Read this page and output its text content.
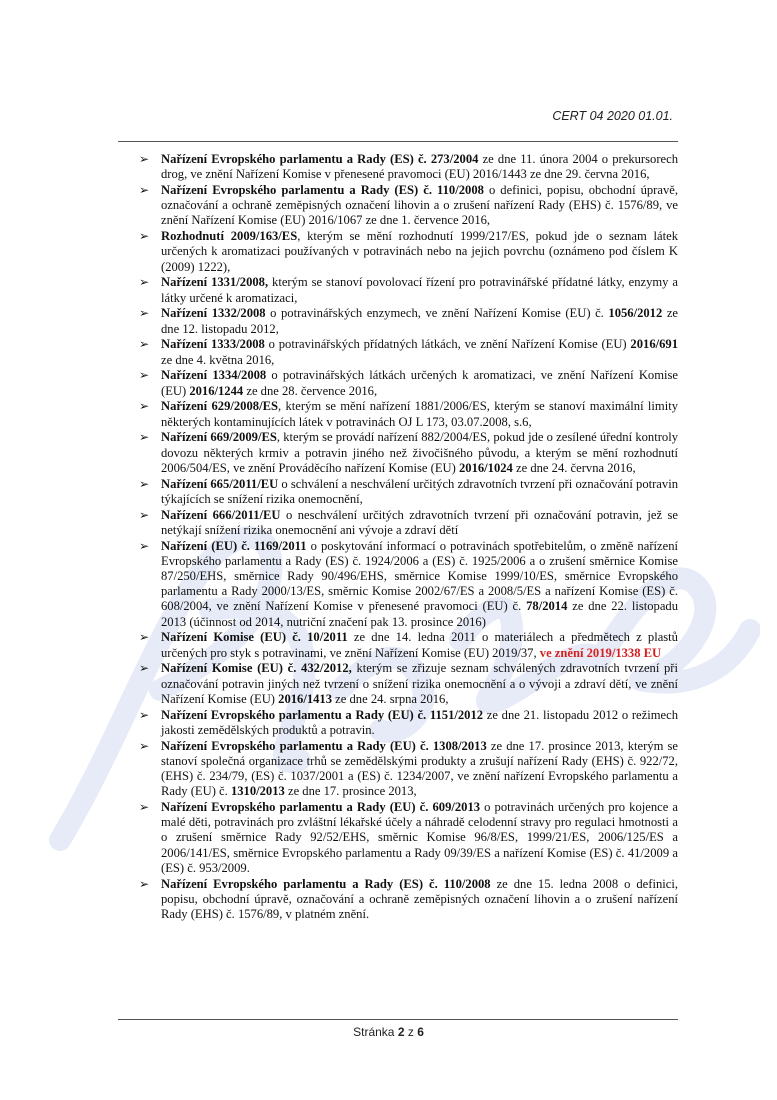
CERT 04 2020 01.01.
➢ Nařízení Evropského parlamentu a Rady (ES) č. 273/2004 ze dne 11. února 2004 o prekursorech drog, ve znění Nařízení Komise v přenesené pravomoci (EU) 2016/1443 ze dne 29. června 2016,
➢ Nařízení Evropského parlamentu a Rady (ES) č. 110/2008 o definici, popisu, obchodní úpravě, označování a ochraně zeměpisných označení lihovin a o zrušení nařízení Rady (EHS) č. 1576/89, ve znění Nařízení Komise (EU) 2016/1067 ze dne 1. července 2016,
➢ Rozhodnutí 2009/163/ES, kterým se mění rozhodnutí 1999/217/ES, pokud jde o seznam látek určených k aromatizaci používaných v potravinách nebo na jejich povrchu (oznámeno pod číslem K (2009) 1222),
➢ Nařízení 1331/2008, kterým se stanoví povolovací řízení pro potravinářské přídatné látky, enzymy a látky určené k aromatizaci,
➢ Nařízení 1332/2008 o potravinářských enzymech, ve znění Nařízení Komise (EU) č. 1056/2012 ze dne 12. listopadu 2012,
➢ Nařízení 1333/2008 o potravinářských přídatných látkách, ve znění Nařízení Komise (EU) 2016/691 ze dne 4. května 2016,
➢ Nařízení 1334/2008 o potravinářských látkách určených k aromatizaci, ve znění Nařízení Komise (EU) 2016/1244 ze dne 28. července 2016,
➢ Nařízení 629/2008/ES, kterým se mění nařízení 1881/2006/ES, kterým se stanoví maximální limity některých kontaminujících látek v potravinách OJ L 173, 03.07.2008, s.6,
➢ Nařízení 669/2009/ES, kterým se provádí nařízení 882/2004/ES, pokud jde o zesílené úřední kontroly dovozu některých krmiv a potravin jiného než živočišného původu, a kterým se mění rozhodnutí 2006/504/ES, ve znění Prováděcího nařízení Komise (EU) 2016/1024 ze dne 24. června 2016,
➢ Nařízení 665/2011/EU o schválení a neschválení určitých zdravotních tvrzení při označování potravin týkajících se snížení rizika onemocnění,
➢ Nařízení 666/2011/EU o neschválení určitých zdravotních tvrzení při označování potravin, jež se netýkají snížení rizika onemocnění ani vývoje a zdraví dětí
➢ Nařízení (EU) č. 1169/2011 o poskytování informací o potravinách spotřebitelům, o změně nařízení Evropského parlamentu a Rady (ES) č. 1924/2006 a (ES) č. 1925/2006 a o zrušení směrnice Komise 87/250/EHS, směrnice Rady 90/496/EHS, směrnice Komise 1999/10/ES, směrnice Evropského parlamentu a Rady 2000/13/ES, směrnic Komise 2002/67/ES a 2008/5/ES a nařízení Komise (ES) č. 608/2004, ve znění Nařízení Komise v přenesené pravomoci (EU) č. 78/2014 ze dne 22. listopadu 2013 (účinnost od 2014, nutriční značení pak 13. prosince 2016)
➢ Nařízení Komise (EU) č. 10/2011 ze dne 14. ledna 2011 o materiálech a předmětech z plastů určených pro styk s potravinami, ve znění Nařízení Komise (EU) 2019/37, ve znění 2019/1338 EU
➢ Nařízení Komise (EU) č. 432/2012, kterým se zřizuje seznam schválených zdravotních tvrzení při označování potravin jiných než tvrzení o snížení rizika onemocnění a o vývoji a zdraví dětí, ve znění Nařízení Komise (EU) 2016/1413 ze dne 24. srpna 2016,
➢ Nařízení Evropského parlamentu a Rady (EU) č. 1151/2012 ze dne 21. listopadu 2012 o režimech jakosti zemědělských produktů a potravin.
➢ Nařízení Evropského parlamentu a Rady (EU) č. 1308/2013 ze dne 17. prosince 2013, kterým se stanoví společná organizace trhů se zemědělskými produkty a zrušují nařízení Rady (EHS) č. 922/72, (EHS) č. 234/79, (ES) č. 1037/2001 a (ES) č. 1234/2007, ve znění nařízení Evropského parlamentu a Rady (EU) č. 1310/2013 ze dne 17. prosince 2013,
➢ Nařízení Evropského parlamentu a Rady (EU) č. 609/2013 o potravinách určených pro kojence a malé děti, potravinách pro zvláštní lékařské účely a náhradě celodenní stravy pro regulaci hmotnosti a o zrušení směrnice Rady 92/52/EHS, směrnic Komise 96/8/ES, 1999/21/ES, 2006/125/ES a 2006/141/ES, směrnice Evropského parlamentu a Rady 09/39/ES a nařízení Komise (ES) č. 41/2009 a (ES) č. 953/2009.
➢ Nařízení Evropského parlamentu a Rady (ES) č. 110/2008 ze dne 15. ledna 2008 o definici, popisu, obchodní úpravě, označování a ochraně zeměpisných označení lihovin a o zrušení nařízení Rady (EHS) č. 1576/89, v platném znění.
Stránka 2 z 6
